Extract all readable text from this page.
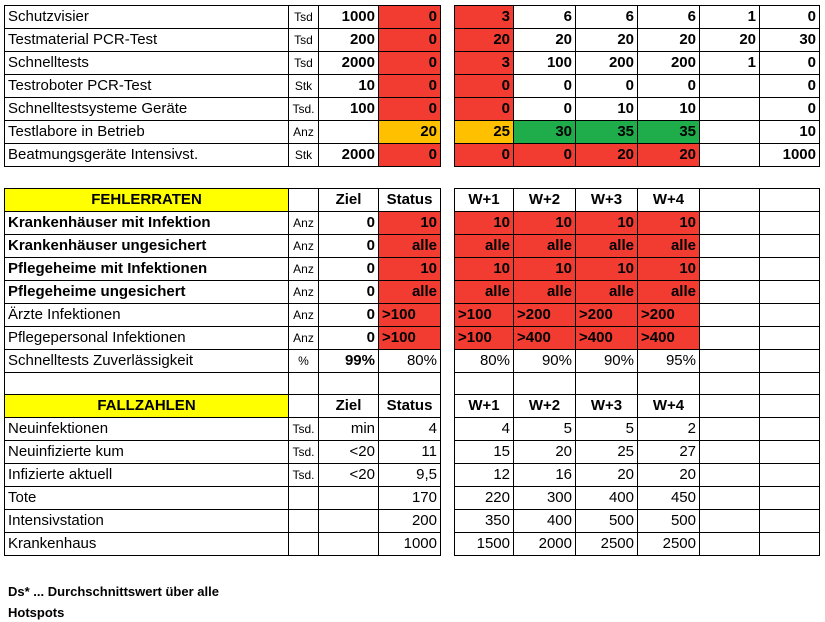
Schutzvisier	Tsd	1000	0		3	6	6	6	1	0
Testmaterial PCR-Test	Tsd	200	0		20	20	20	20	20	30
Schnelltests	Tsd	2000	0		3	100	200	200	1	0
Testroboter PCR-Test	Stk	10	0		0	0	0	0		0
Schnelltestsysteme Geräte	Tsd.	100	0		0	0	10	10		0
Testlabore in Betrieb	Anz		20		25	30	35	35		10
Beatmungsgeräte Intensivst.	Stk	2000	0		0	0	20	20		1000
FEHLERRATEN		Ziel	Status		W+1	W+2	W+3	W+4		
Krankenhäuser mit Infektion	Anz	0	10		10	10	10	10		
Krankenhäuser ungesichert	Anz	0	alle		alle	alle	alle	alle		
Pflegeheime mit Infektionen	Anz	0	10		10	10	10	10		
Pflegeheime ungesichert	Anz	0	alle		alle	alle	alle	alle		
Ärzte Infektionen	Anz	0	>100		>100	>200	>200	>200		
Pflegepersonal Infektionen	Anz	0	>100		>100	>400	>400	>400		
Schnelltests Zuverlässigkeit	%	99%	80%		80%	90%	90%	95%		

FALLZAHLEN		Ziel	Status		W+1	W+2	W+3	W+4		
Neuinfektionen	Tsd.	min	4		4	5	5	2		
Neuinfizierte kum	Tsd.	<20	11		15	20	25	27		
Infizierte aktuell	Tsd.	<20	9,5		12	16	20	20		
Tote			170		220	300	400	450		
Intensivstation			200		350	400	500	500		
Krankenhaus			1000		1500	2000	2500	2500		
Ds* ... Durchschnittswert über alle
Hotspots
